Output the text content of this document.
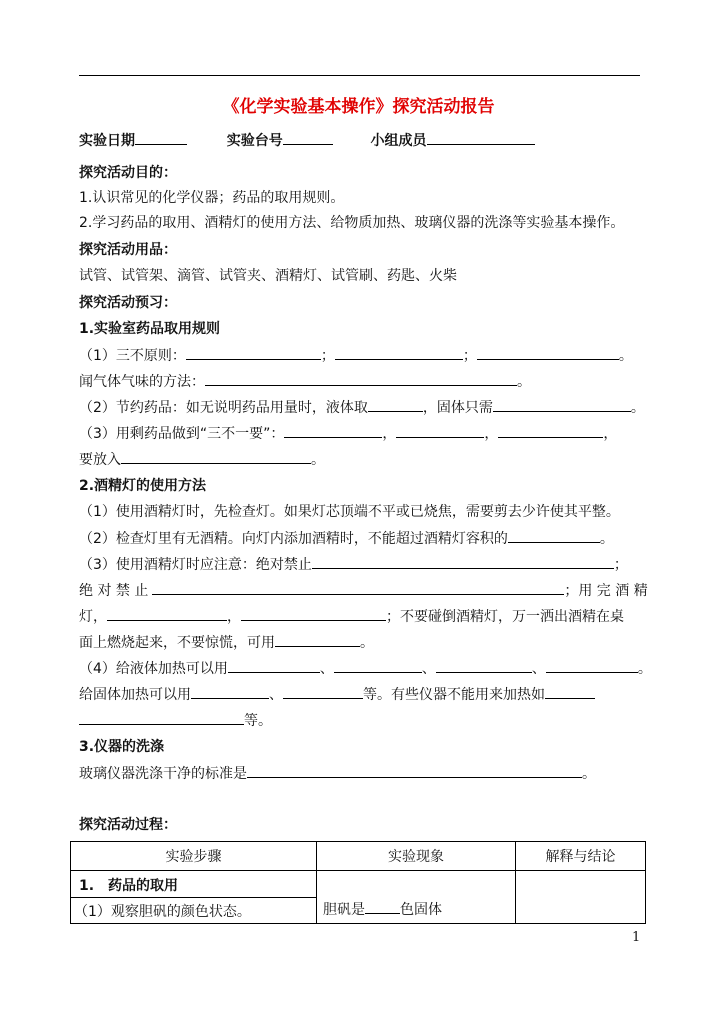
《化学实验基本操作》探究活动报告
实验日期	实验台号	小组成员
探究活动目的：
1.认识常见的化学仪器；药品的取用规则。
2.学习药品的取用、酒精灯的使用方法、给物质加热、玻璃仪器的洗涤等实验基本操作。
探究活动用品：
试管、试管架、滴管、试管夹、酒精灯、试管刷、药匙、火柴
探究活动预习：
1.实验室药品取用规则
（1）三不原则：	；	；	。
闻气体气味的方法：	。
（2）节约药品：如无说明药品用量时，液体取	，固体只需	。
（3）用剩药品做到“三不一要”：	，	，	，
要放入	。
2.酒精灯的使用方法
（1）使用酒精灯时，先检查灯。如果灯芯顶端不平或已烧焦，需要剪去少许使其平整。
（2）检查灯里有无酒精。向灯内添加酒精时，不能超过酒精灯容积的	。
（3）使用酒精灯时应注意：绝对禁止	；
绝 对 禁 止	；用 完 酒 精
灯，	，	；不要碰倒酒精灯，万一洒出酒精在桌
面上燃烧起来，不要惊慌，可用	。
（4）给液体加热可以用	、	、	、	。
给固体加热可以用	、	等。有些仪器不能用来加热如
等。
3.仪器的洗涤
玻璃仪器洗涤干净的标准是	。
探究活动过程：
实验步骤	实验现象	解释与结论

1.　药品的取用
（1）观察胆矾的颜色状态。	胆矾是 色固体	
1
